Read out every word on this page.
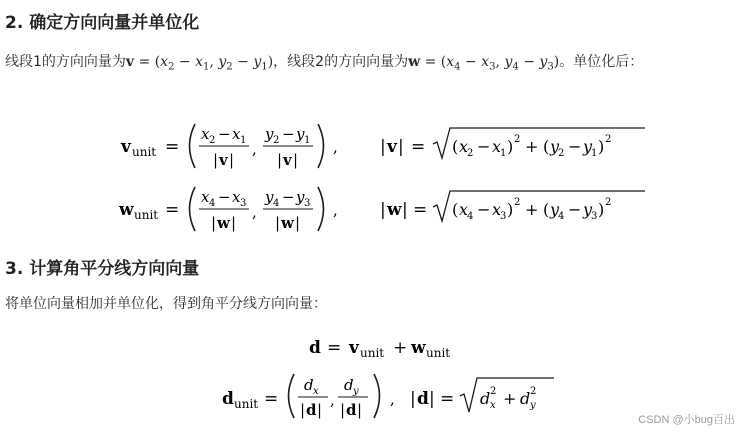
2. 确定方向向量并单位化

线段1的方向向量为$v = (x_2 - x_1$, $y_2 - y_1$)，线段2的方向向量为$w = (x_4 - x_3$, $y_4 - y_3$)。单位化后：

v unit =
x 2 − x 1
| v |
,
y 2 − y 1
| v |
, | v | = ( x
2 − x
1 ) 2 + ( y
2 − y
1 ) 2
w unit =
x 4 − x 3
| w |
,
y 4 − y 3
| w |
, | w | = ( x
4 − x
3 ) 2 + ( y
4 − y
3 ) 2
3. 计算角平分线方向向量

将单位向量相加并单位化，得到角平分线方向向量：

d = v unit + w unit
d unit =
d x
| d |
,
d y
| d |
, | d | = d x
2 + d y
2
CSDN @小bug百出
